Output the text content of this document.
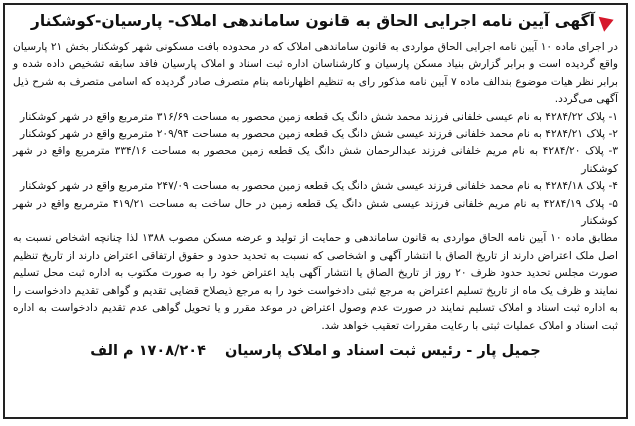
آگهی آیین نامه اجرایی الحاق به قانون ساماندهی املاک- پارسیان-کوشکنار

در اجرای ماده ۱۰ آیین نامه اجرایی الحاق مواردی به قانون ساماندهی املاک که در محدوده بافت مسکونی شهر کوشکنار بخش ۲۱ پارسیان واقع گردیده است و برابر گزارش بنیاد مسکن پارسیان و کارشناسان اداره ثبت اسناد و املاک پارسیان فاقد سابقه تشخیص داده شده و برابر نظر هیات موضوع بندالف ماده ۷ آیین نامه مذکور رای به تنظیم اظهارنامه بنام متصرف صادر گردیده که اسامی متصرف به شرح ذیل آگهی می‌گردد.

۱- پلاک ۴۲۸۴/۲۲ به نام عیسی خلفانی فرزند محمد شش دانگ یک قطعه زمین محصور به مساحت ۳۱۶/۶۹ مترمربع واقع در شهر کوشکنار

۲- پلاک ۴۲۸۴/۲۱ به نام محمد خلفانی فرزند عیسی شش دانگ یک قطعه زمین محصور به مساحت ۲۰۹/۹۴ مترمربع واقع در شهر کوشکنار

۳- پلاک ۴۲۸۴/۲۰ به نام مریم خلفانی فرزند عبدالرحمان شش دانگ یک قطعه زمین محصور به مساحت ۳۳۴/۱۶ مترمربع واقع در شهر کوشکنار

۴- پلاک ۴۲۸۴/۱۸ به نام محمد خلفانی فرزند عیسی شش دانگ یک قطعه زمین محصور به مساحت ۲۴۷/۰۹ مترمربع واقع در شهر کوشکنار

۵- پلاک ۴۲۸۴/۱۹ به نام مریم خلفانی فرزند عیسی شش دانگ یک قطعه زمین در حال ساخت به مساحت ۴۱۹/۲۱ مترمربع واقع در شهر کوشکنار

مطابق ماده ۱۰ آیین نامه الحاق مواردی به قانون ساماندهی و حمایت از تولید و عرضه مسکن مصوب ۱۳۸۸ لذا چنانچه اشخاص نسبت به اصل ملک اعتراض دارند از تاریخ الصاق با انتشار آگهی و اشخاصی که نسبت به تحدید حدود و حقوق ارتفاقی اعتراض دارند از تاریخ تنظیم صورت مجلس تحدید حدود ظرف ۲۰ روز از تاریخ الصاق یا انتشار آگهی باید اعتراض خود را به صورت مکتوب به اداره ثبت محل تسلیم نمایند و ظرف یک ماه از تاریخ تسلیم اعتراض به مرجع ثبتی دادخواست خود را به مرجع ذیصلاح قضایی تقدیم و گواهی تقدیم دادخواست را به اداره ثبت اسناد و املاک تسلیم نمایند در صورت عدم وصول اعتراض در موعد مقرر و یا تحویل گواهی عدم تقدیم دادخواست به اداره ثبت اسناد و املاک عملیات ثبتی با رعایت مقررات تعقیب خواهد شد.

جمیل پار - رئیس ثبت اسناد و املاک پارسیان ۱۷۰۸/۲۰۴ م الف
